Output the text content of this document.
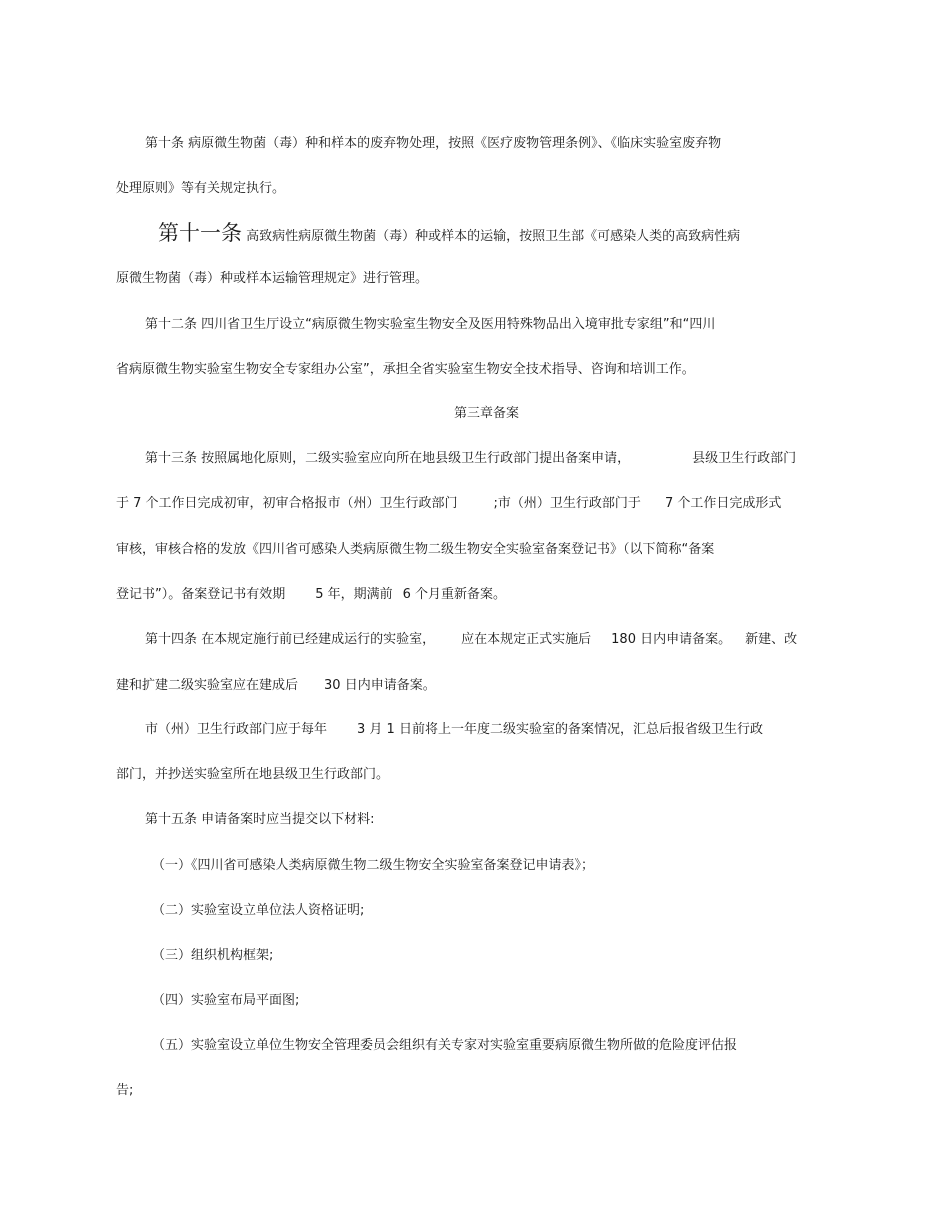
第十条 病原微生物菌（毒）种和样本的废弃物处理，按照《医疗废物管理条例》、《临床实验室废弃物
处理原则》等有关规定执行。
第十一条 高致病性病原微生物菌（毒）种或样本的运输，按照卫生部《可感染人类的高致病性病
原微生物菌（毒）种或样本运输管理规定》进行管理。
第十二条 四川省卫生厅设立“病原微生物实验室生物安全及医用特殊物品出入境审批专家组”和“四川
省病原微生物实验室生物安全专家组办公室”，承担全省实验室生物安全技术指导、咨询和培训工作。
第三章备案
第十三条 按照属地化原则，二级实验室应向所在地县级卫生行政部门提出备案申请，	县级卫生行政部门
于 7 个工作日完成初审，初审合格报市（州）卫生行政部门	;市（州）卫生行政部门于 7 个工作日完成形式
审核，审核合格的发放《四川省可感染人类病原微生物二级生物安全实验室备案登记书》（以下简称“备案
登记书”）。备案登记书有效期 5 年，期满前 6 个月重新备案。
第十四条 在本规定施行前已经建成运行的实验室， 应在本规定正式实施后 180 日内申请备案。 新建、改
建和扩建二级实验室应在建成后 30 日内申请备案。
市（州）卫生行政部门应于每年 3 月 1 日前将上一年度二级实验室的备案情况，汇总后报省级卫生行政
部门，并抄送实验室所在地县级卫生行政部门。
第十五条 申请备案时应当提交以下材料:
（一）《四川省可感染人类病原微生物二级生物安全实验室备案登记申请表》；
（二）实验室设立单位法人资格证明;
（三）组织机构框架;
（四）实验室布局平面图;
（五）实验室设立单位生物安全管理委员会组织有关专家对实验室重要病原微生物所做的危险度评估报
告;
